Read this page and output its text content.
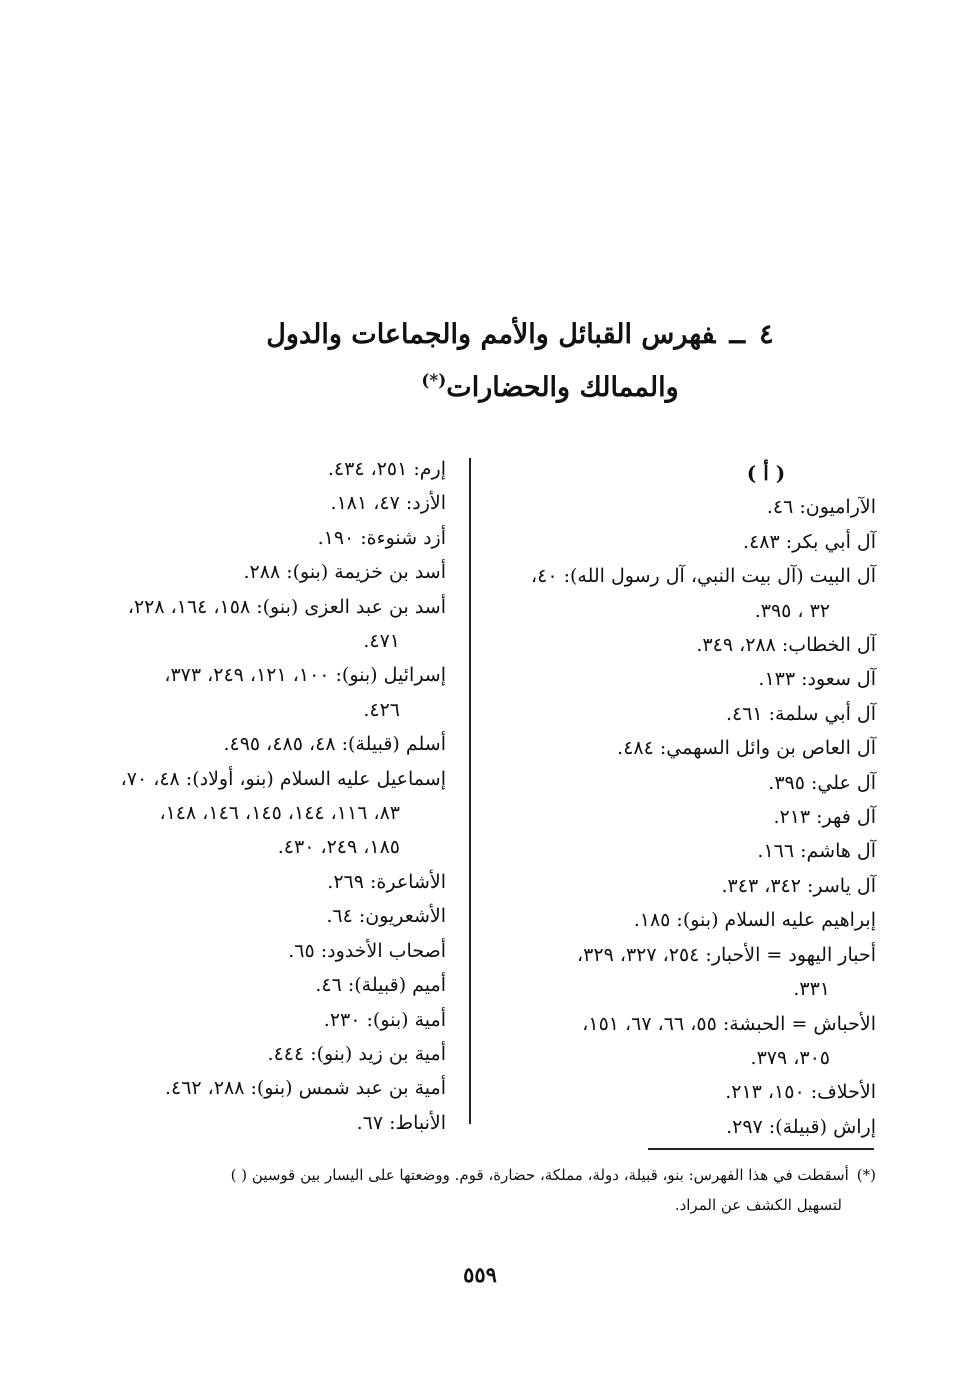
٤ــفهرس القبائل والأمم والجماعات والدول
والممالك والحضارات(*)
( أ )
الآراميون: ٤٦.
آل أبي بكر: ٤٨٣.
آل البيت (آل بيت النبي، آل رسول الله): ٤٠،
٣٢ ، ٣٩٥.
آل الخطاب: ٢٨٨، ٣٤٩.
آل سعود: ١٣٣.
آل أبي سلمة: ٤٦١.
آل العاص بن وائل السهمي: ٤٨٤.
آل علي: ٣٩٥.
آل فهر: ٢١٣.
آل هاشم: ١٦٦.
آل ياسر: ٣٤٢، ٣٤٣.
إبراهيم عليه السلام (بنو): ١٨٥.
أحبار اليهود = الأحبار: ٢٥٤، ٣٢٧، ٣٢٩،
٣٣١.
الأحباش = الحبشة: ٥٥، ٦٦، ٦٧، ١٥١،
٣٠٥، ٣٧٩.
الأحلاف: ١٥٠، ٢١٣.
إراش (قبيلة): ٢٩٧.
إرم: ٢٥١، ٤٣٤.
الأزد: ٤٧، ١٨١.
أزد شنوءة: ١٩٠.
أسد بن خزيمة (بنو): ٢٨٨.
أسد بن عبد العزى (بنو): ١٥٨، ١٦٤، ٢٢٨،
٤٧١.
إسرائيل (بنو): ١٠٠، ١٢١، ٢٤٩، ٣٧٣،
٤٢٦.
أسلم (قبيلة): ٤٨، ٤٨٥، ٤٩٥.
إسماعيل عليه السلام (بنو، أولاد): ٤٨، ٧٠،
٨٣، ١١٦، ١٤٤، ١٤٥، ١٤٦، ١٤٨،
١٨٥، ٢٤٩، ٤٣٠.
الأشاعرة: ٢٦٩.
الأشعريون: ٦٤.
أصحاب الأخدود: ٦٥.
أميم (قبيلة): ٤٦.
أمية (بنو): ٢٣٠.
أمية بن زيد (بنو): ٤٤٤.
أمية بن عبد شمس (بنو): ٢٨٨، ٤٦٢.
الأنباط: ٦٧.
(*)أسقطت في هذا الفهرس: بنو، قبيلة، دولة، مملكة، حضارة، قوم. ووضعتها على اليسار بين قوسين ( )
لتسهيل الكشف عن المراد.
٥٥٩
